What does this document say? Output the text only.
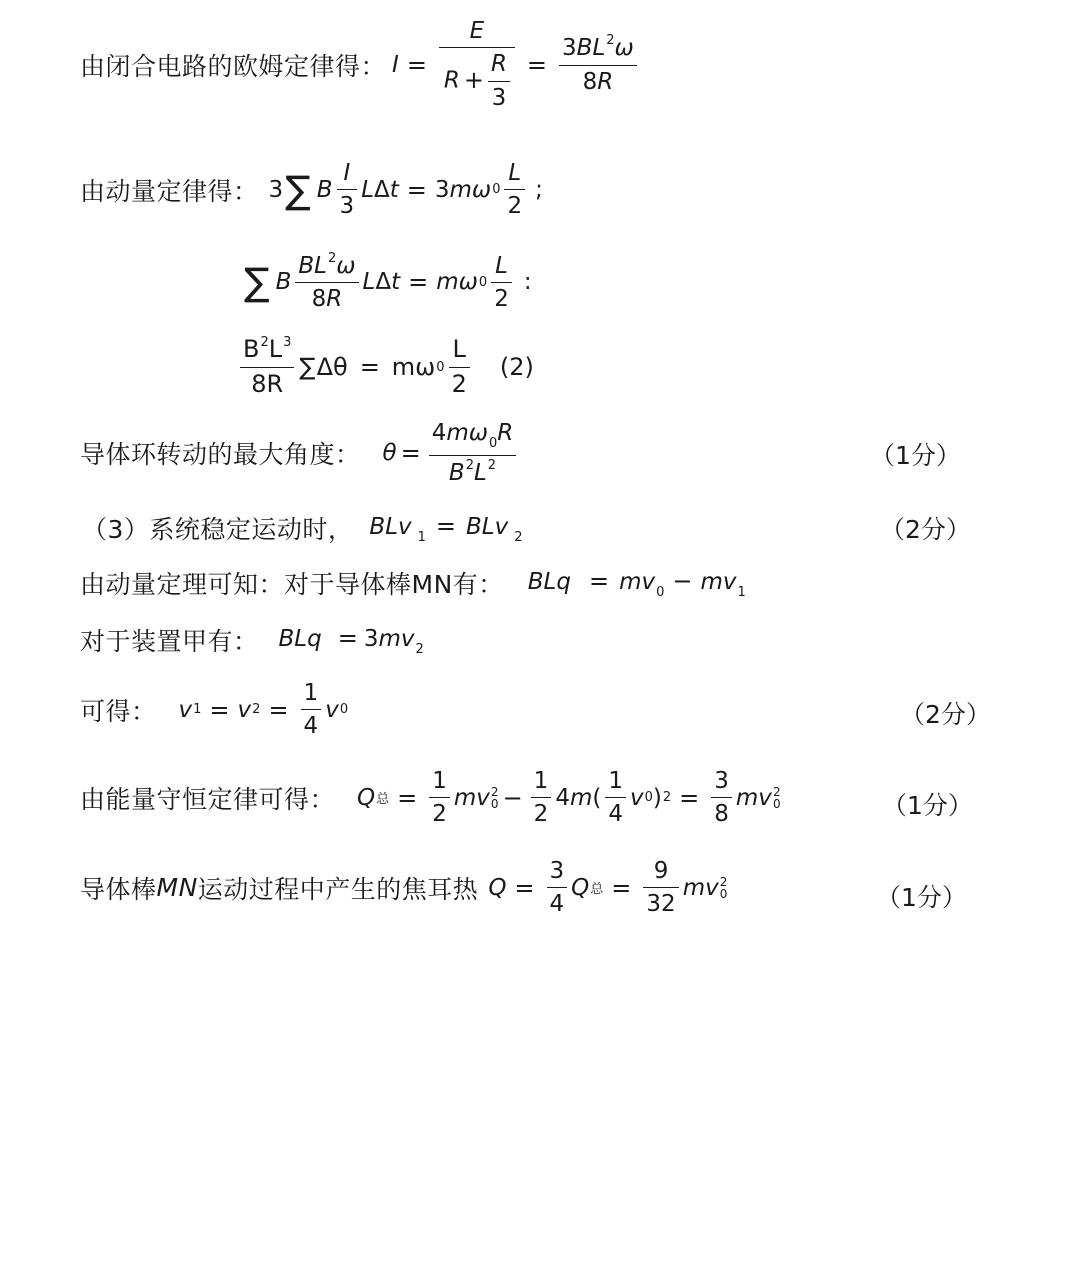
由闭合电路的欧姆定律得： $I = \frac{E}{R + \frac{R}{3}} = \frac{3BL^2\omega}{8R}$
由动量定律得： 3 ∑ B $\frac{I}{3}$ L Δ t = 3 mω $0 \frac{L}{2}$ ;
∑ B $\frac{BL^2\omega}{8R}$ L Δ t = mω $0 \frac{L}{2}$ :
$\frac{B^2L^3}{8R}$ ∑ Δθ = mω $0 \frac{L}{2} (2)$
导体环转动的最大角度： $\theta = \frac{4m\omega_0R}{B^2L^2}$	（1分）
（3）系统稳定运动时， BLv $_1$ = BLv $_2$	（2分）
由动量定理可知：对于导体棒MN有： BLq = $mv_0 - mv_1$
对于装置甲有： BLq = $3mv_2$
可得： v 1 = v $2 = \frac{1}{4}$ v 0	（2分）
由能量守恒定律可得： Q 总 = $\frac{1}{2}$ mv 2
$0 - \frac{1}{2} 4$ m ( $\frac{1}{4}$ v 0 ) $2 = \frac{3}{8}$ mv 2
0	（1分）
导体棒 MN 运动过程中产生的焦耳热 $Q = \frac{3}{4}$ Q 总 = $\frac{9}{32}$ mv 2
0	（1分）
